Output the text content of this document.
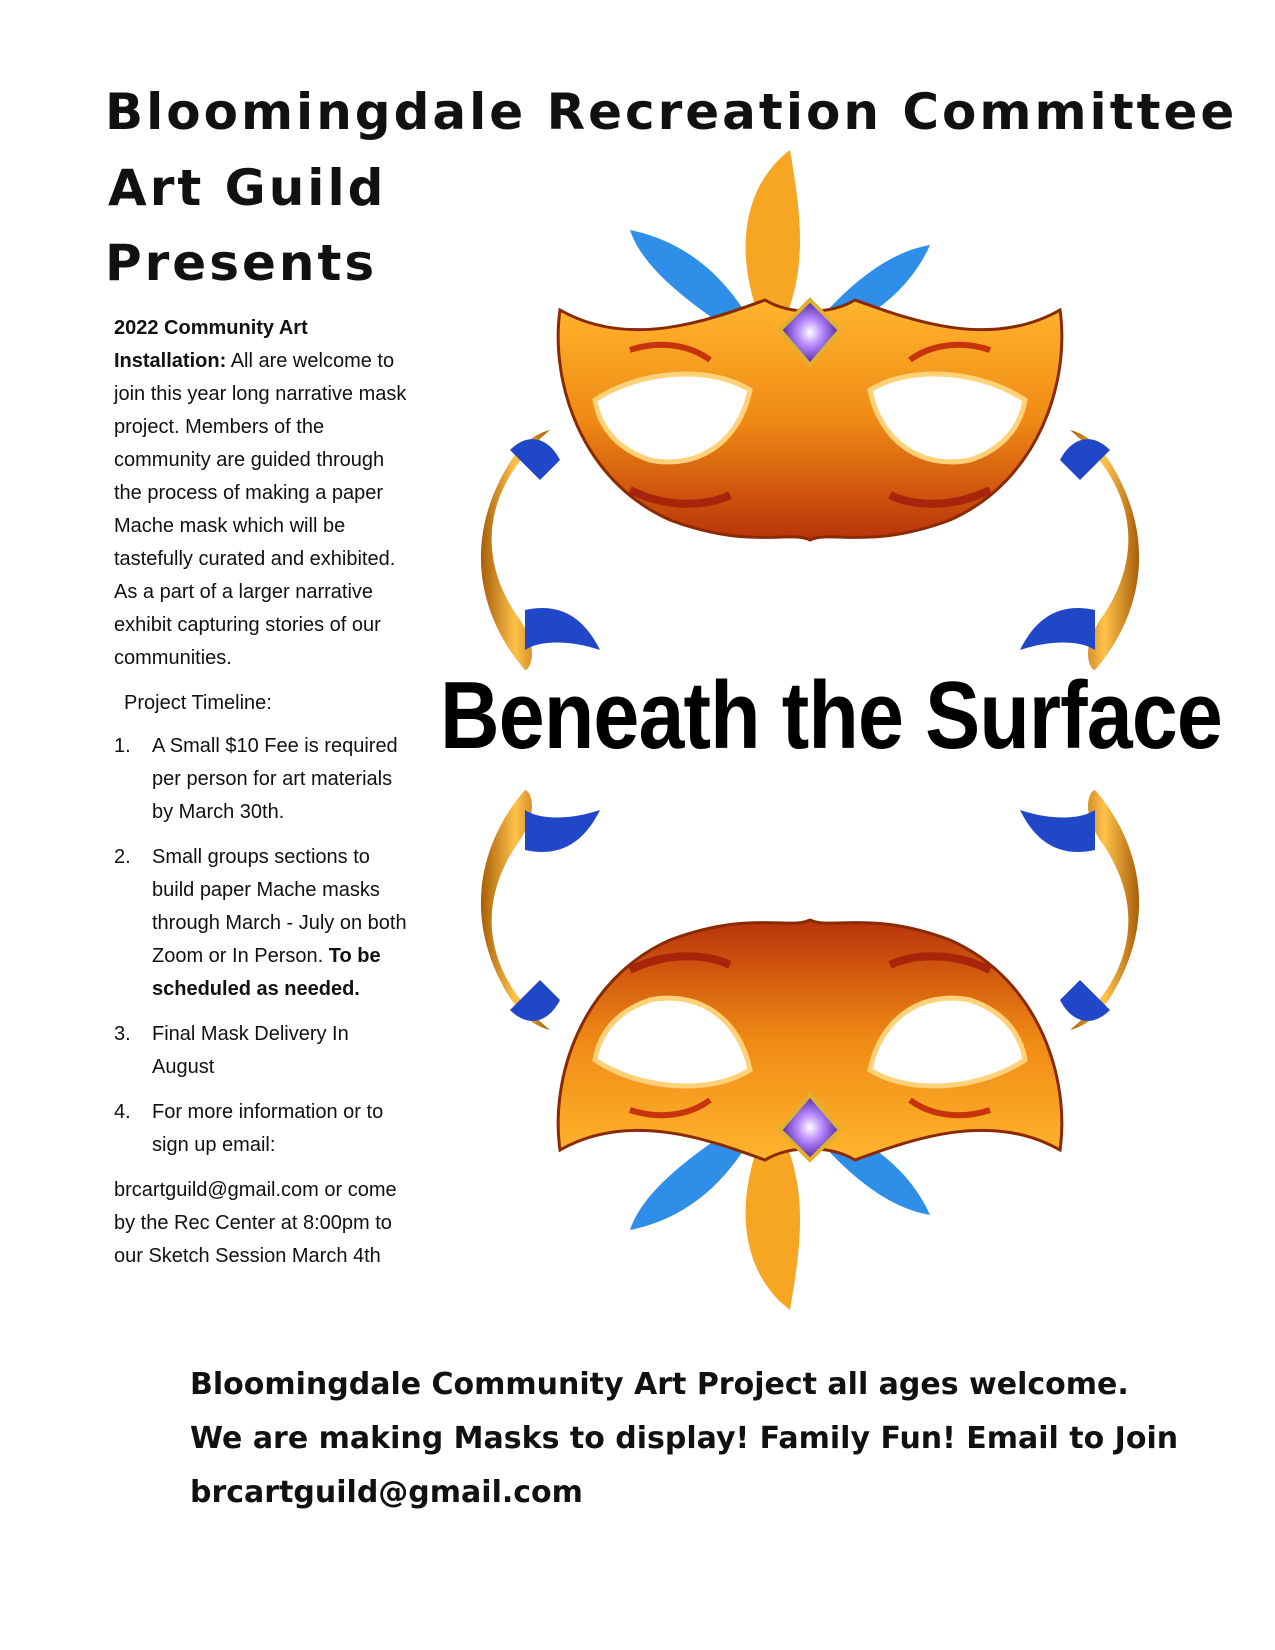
Bloomingdale Recreation Committee
Art Guild
Presents

2022 Community Art Installation: All are welcome to join this year long narrative mask project. Members of the community are guided through the process of making a paper Mache mask which will be tastefully curated and exhibited. As a part of a larger narrative exhibit capturing stories of our communities.

Project Timeline:

1. A Small $10 Fee is required per person for art materials by March 30th.
2. Small groups sections to build paper Mache masks through March - July on both Zoom or In Person. To be scheduled as needed.
3. Final Mask Delivery In August
4. For more information or to sign up email:

brcartguild@gmail.com or come by the Rec Center at 8:00pm to our Sketch Session March 4th

Beneath the Surface

Bloomingdale Community Art Project all ages welcome.

We are making Masks to display! Family Fun! Email to Join

brcartguild@gmail.com
